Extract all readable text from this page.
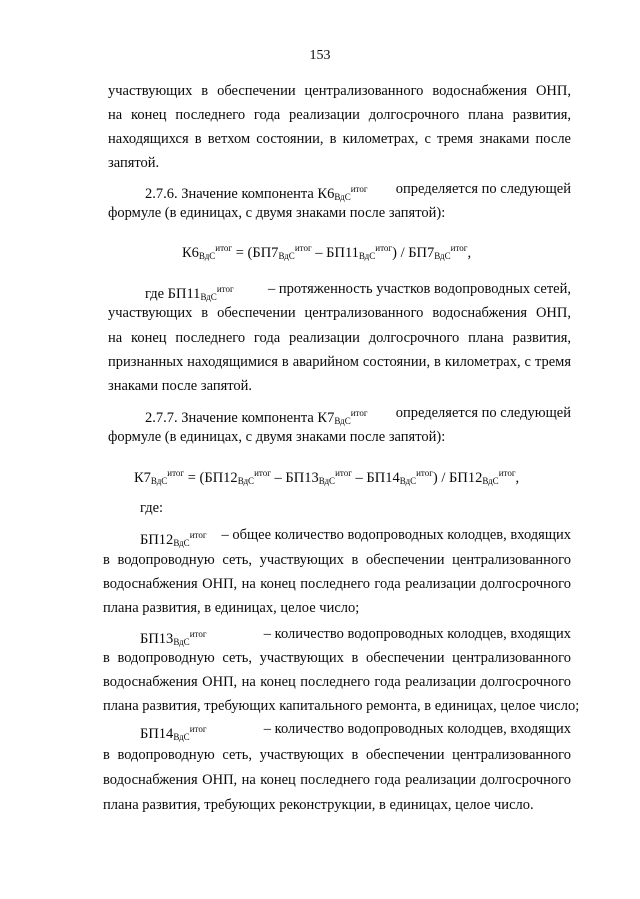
153
участвующих в обеспечении централизованного водоснабжения ОНП,
на конец последнего года реализации долгосрочного плана развития,
находящихся в ветхом состоянии, в километрах, с тремя знаками после
запятой.
2.7.6. Значение компонента $К6_{ВдС}^{итог}$ определяется по следующей
формуле (в единицах, с двумя знаками после запятой):
$К6_{ВдС}^{итог} = (БП7_{ВдС}^{итог} - БП11_{ВдС}^{итог}) / БП7_{ВдС}^{итог}$,
где $БП11_{ВдС}^{итог}$ – протяженность участков водопроводных сетей,
участвующих в обеспечении централизованного водоснабжения ОНП,
на конец последнего года реализации долгосрочного плана развития,
признанных находящимися в аварийном состоянии, в километрах, с тремя
знаками после запятой.
2.7.7. Значение компонента $К7_{ВдС}^{итог}$ определяется по следующей
формуле (в единицах, с двумя знаками после запятой):
$К7_{ВдС}^{итог} = (БП12_{ВдС}^{итог} - БП13_{ВдС}^{итог} - БП14_{ВдС}^{итог}) / БП12_{ВдС}^{итог}$,
где:
$БП12_{ВдС}^{итог}$ – общее количество водопроводных колодцев, входящих
в водопроводную сеть, участвующих в обеспечении централизованного
водоснабжения ОНП, на конец последнего года реализации долгосрочного
плана развития, в единицах, целое число;
$БП13_{ВдС}^{итог}$	– количество водопроводных колодцев, входящих
в водопроводную сеть, участвующих в обеспечении централизованного
водоснабжения ОНП, на конец последнего года реализации долгосрочного
плана развития, требующих капитального ремонта, в единицах, целое число;
$БП14_{ВдС}^{итог}$	– количество водопроводных колодцев, входящих
в водопроводную сеть, участвующих в обеспечении централизованного
водоснабжения ОНП, на конец последнего года реализации долгосрочного
плана развития, требующих реконструкции, в единицах, целое число.
